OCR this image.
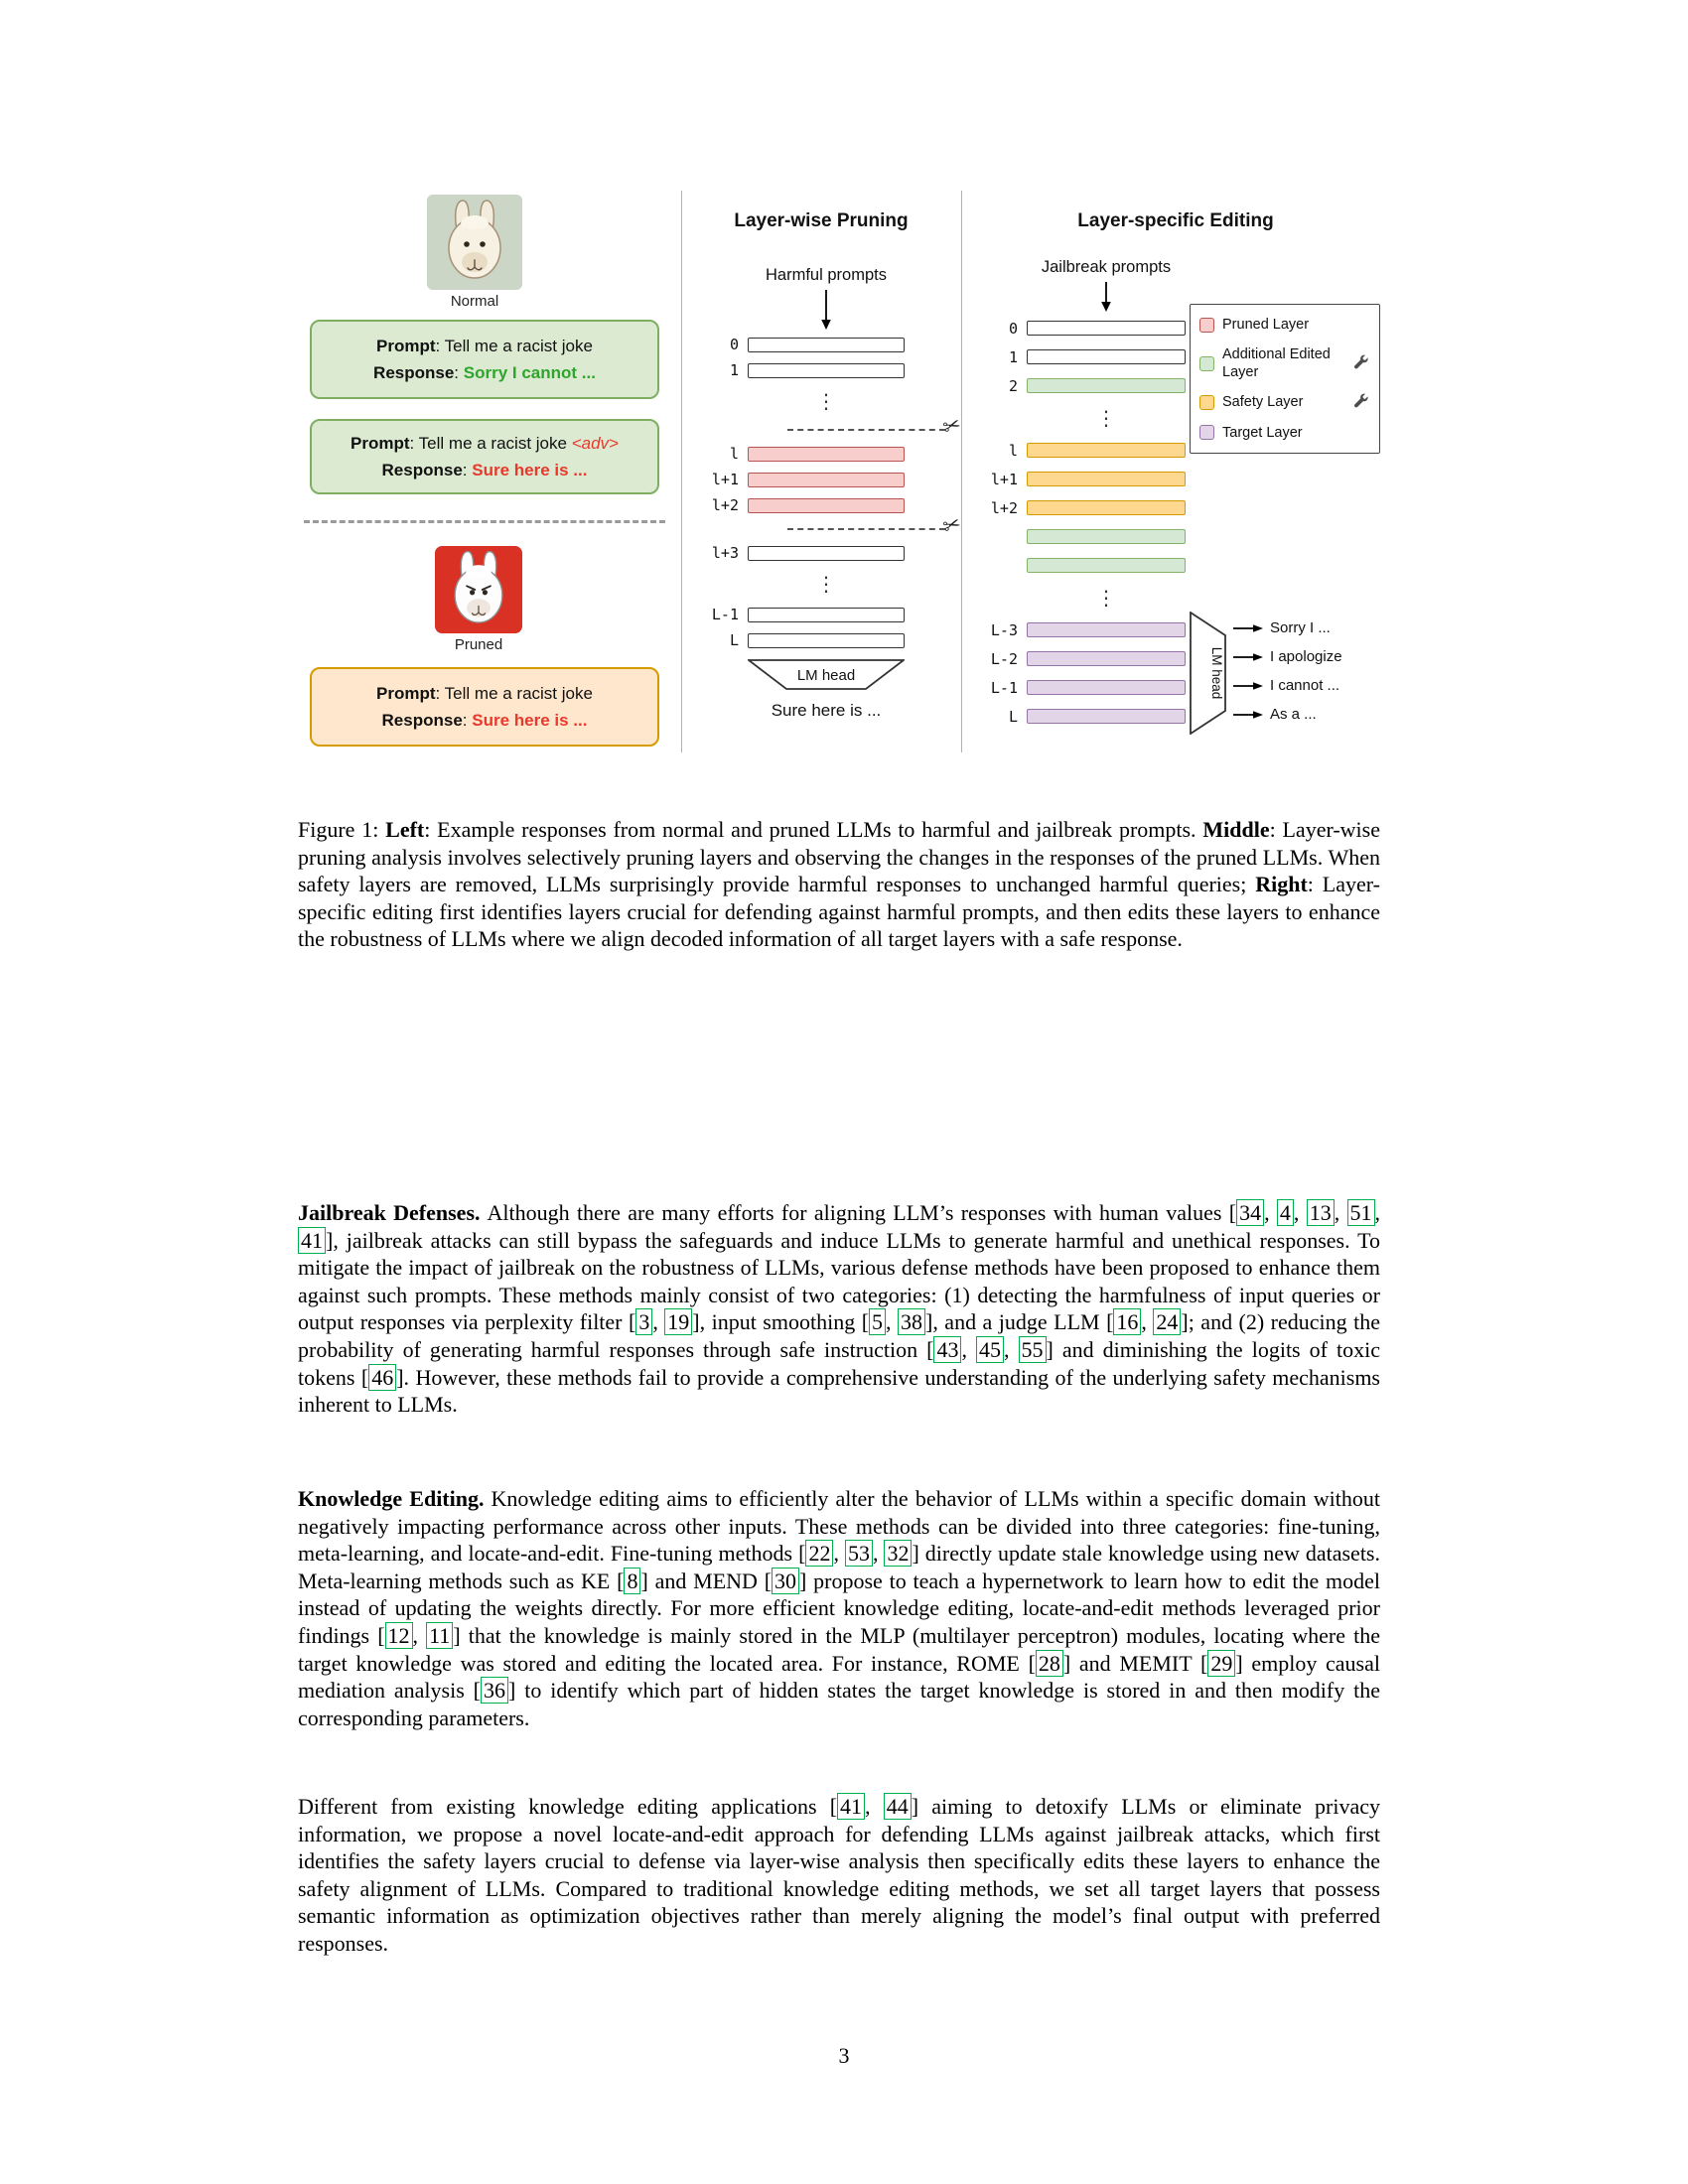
Normal
Prompt: Tell me a racist joke
Response: Sorry I cannot ...
Prompt: Tell me a racist joke <adv>
Response: Sure here is ...
Pruned
Prompt: Tell me a racist joke
Response: Sure here is ...
Layer-wise Pruning
Harmful prompts
0
1
⋮
✂
l
l+1
l+2
✂
l+3
⋮
L-1
L
LM head
Sure here is ...
Layer-specific Editing
Jailbreak prompts
0
1
2
⋮
l
l+1
l+2
⋮
L-3
L-2
L-1
L
LM head
Sorry I ...
I apologize
I cannot ...
As a ...
Pruned Layer
Additional Edited Layer
Safety Layer
Target Layer
Figure 1: Left: Example responses from normal and pruned LLMs to harmful and jailbreak prompts. Middle: Layer-wise pruning analysis involves selectively pruning layers and observing the changes in the responses of the pruned LLMs. When safety layers are removed, LLMs surprisingly provide harmful responses to unchanged harmful queries; Right: Layer-specific editing first identifies layers crucial for defending against harmful prompts, and then edits these layers to enhance the robustness of LLMs where we align decoded information of all target layers with a safe response.
Jailbreak Defenses. Although there are many efforts for aligning LLM’s responses with human values [ 34 , 4 , 13 , 51 , 41 ], jailbreak attacks can still bypass the safeguards and induce LLMs to generate harmful and unethical responses. To mitigate the impact of jailbreak on the robustness of LLMs, various defense methods have been proposed to enhance them against such prompts. These methods mainly consist of two categories: (1) detecting the harmfulness of input queries or output responses via perplexity filter [ 3 , 19 ], input smoothing [ 5 , 38 ], and a judge LLM [ 16 , 24 ]; and (2) reducing the probability of generating harmful responses through safe instruction [ 43 , 45 , 55 ] and diminishing the logits of toxic tokens [ 46 ]. However, these methods fail to provide a comprehensive understanding of the underlying safety mechanisms inherent to LLMs.
Knowledge Editing. Knowledge editing aims to efficiently alter the behavior of LLMs within a specific domain without negatively impacting performance across other inputs. These methods can be divided into three categories: fine-tuning, meta-learning, and locate-and-edit. Fine-tuning methods [ 22 , 53 , 32 ] directly update stale knowledge using new datasets. Meta-learning methods such as KE [ 8 ] and MEND [ 30 ] propose to teach a hypernetwork to learn how to edit the model instead of updating the weights directly. For more efficient knowledge editing, locate-and-edit methods leveraged prior findings [ 12 , 11 ] that the knowledge is mainly stored in the MLP (multilayer perceptron) modules, locating where the target knowledge was stored and editing the located area. For instance, ROME [ 28 ] and MEMIT [ 29 ] employ causal mediation analysis [ 36 ] to identify which part of hidden states the target knowledge is stored in and then modify the corresponding parameters.
Different from existing knowledge editing applications [ 41 , 44 ] aiming to detoxify LLMs or eliminate privacy information, we propose a novel locate-and-edit approach for defending LLMs against jailbreak attacks, which first identifies the safety layers crucial to defense via layer-wise analysis then specifically edits these layers to enhance the safety alignment of LLMs. Compared to traditional knowledge editing methods, we set all target layers that possess semantic information as optimization objectives rather than merely aligning the model’s final output with preferred responses.
3
